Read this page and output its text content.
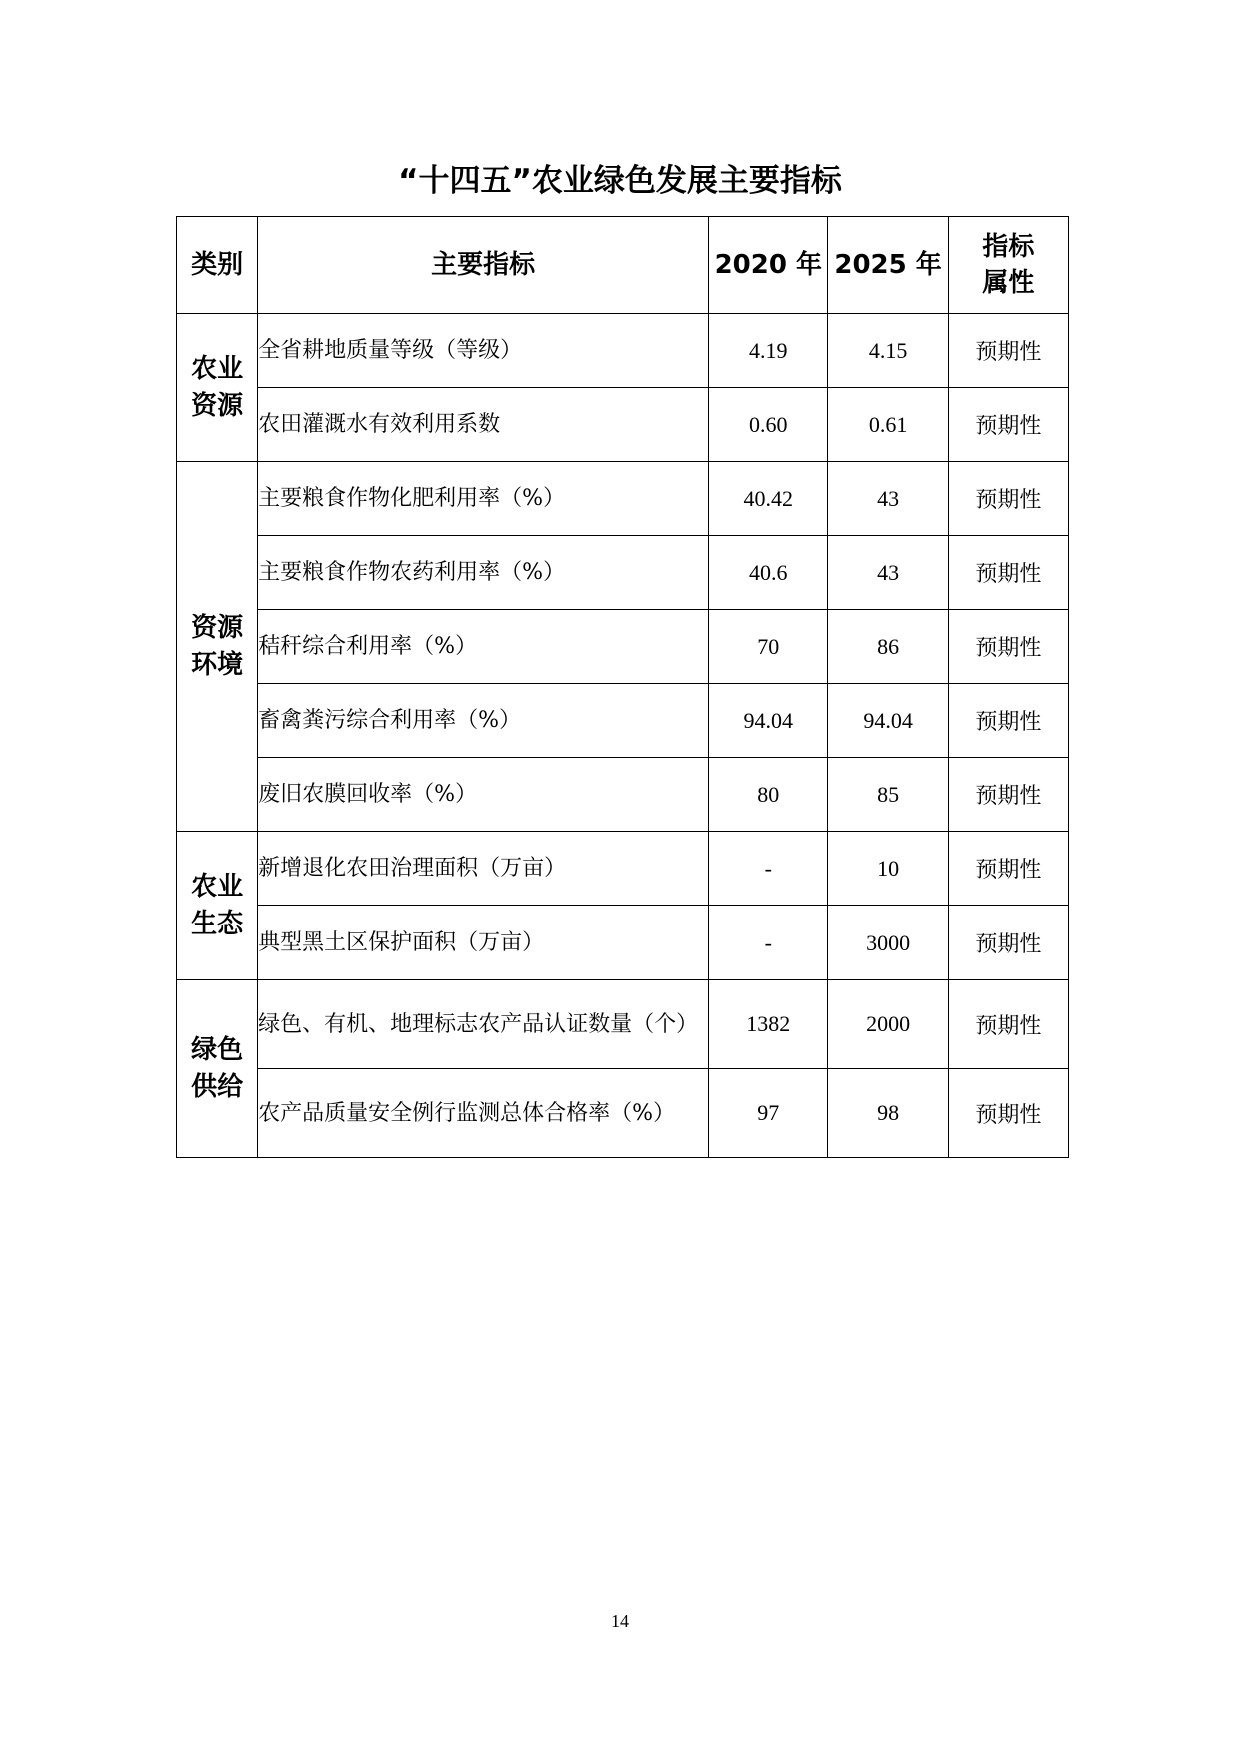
“十四五”农业绿色发展主要指标
类别	主要指标	2020 年	2025 年	指标属性

农业资源	全省耕地质量等级（等级）	4.19	4.15	预期性
	农田灌溉水有效利用系数	0.60	0.61	预期性

资源环境	主要粮食作物化肥利用率（%）	40.42	43	预期性
	主要粮食作物农药利用率（%）	40.6	43	预期性
	秸秆综合利用率（%）	70	86	预期性
	畜禽粪污综合利用率（%）	94.04	94.04	预期性
	废旧农膜回收率（%）	80	85	预期性

农业生态	新增退化农田治理面积（万亩）	-	10	预期性
	典型黑土区保护面积（万亩）	-	3000	预期性

绿色供给	绿色、有机、地理标志农产品认证数量（个）	1382	2000	预期性
	农产品质量安全例行监测总体合格率（%）	97	98	预期性
14
